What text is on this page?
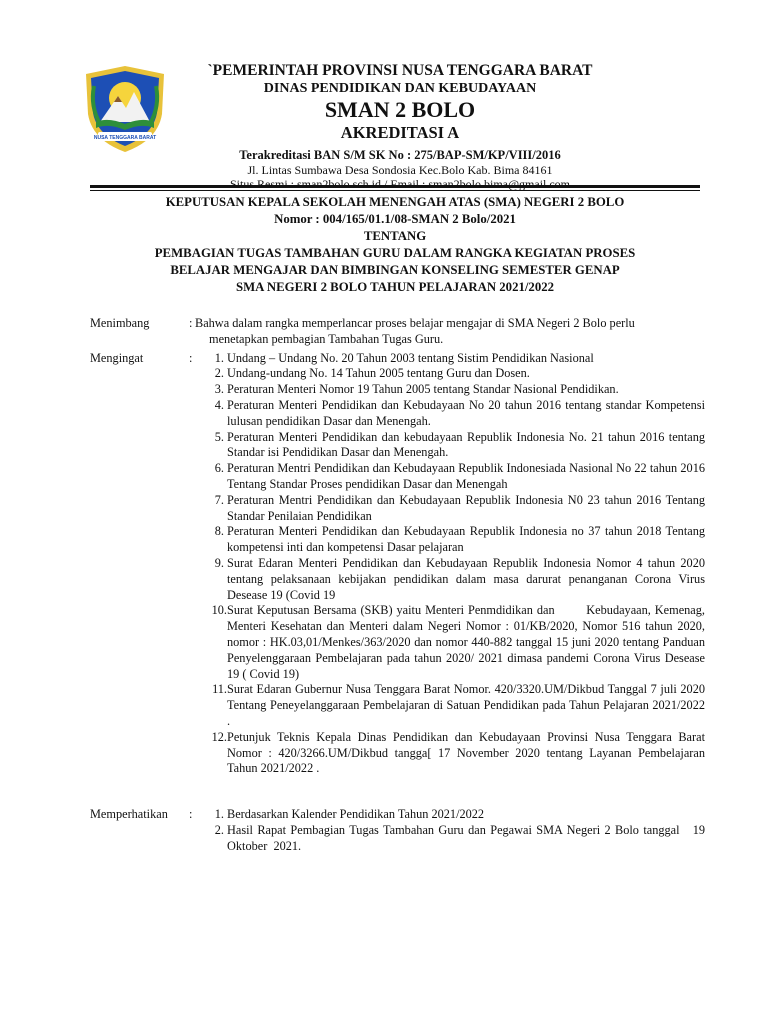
NUSA TENGGARA BARAT
`PEMERINTAH PROVINSI NUSA TENGGARA BARAT
DINAS PENDIDIKAN DAN KEBUDAYAAN
SMAN 2 BOLO
AKREDITASI A
Terakreditasi BAN S/M SK No : 275/BAP-SM/KP/VIII/2016
Jl. Lintas Sumbawa Desa Sondosia Kec.Bolo Kab. Bima 84161
Situs Resmi : sman2bolo.sch.id / Email : sman2bolo.bima@gmail.com
KEPUTUSAN KEPALA SEKOLAH MENENGAH ATAS (SMA) NEGERI 2 BOLO
Nomor : 004/165/01.1/08-SMAN 2 Bolo/2021
TENTANG
PEMBAGIAN TUGAS TAMBAHAN GURU DALAM RANGKA KEGIATAN PROSES
BELAJAR MENGAJAR DAN BIMBINGAN KONSELING SEMESTER GENAP
SMA NEGERI 2 BOLO TAHUN PELAJARAN 2021/2022
Menimbang	: Bahwa dalam rangka memperlancar proses belajar mengajar di SMA Negeri 2 Bolo perlu
menetapkan pembagian Tambahan Tugas Guru.
Mengingat	:	1. Undang – Undang No. 20 Tahun 2003 tentang Sistim Pendidikan Nasional
2. Undang-undang No. 14 Tahun 2005 tentang Guru dan Dosen.
3. Peraturan Menteri Nomor 19 Tahun 2005 tentang Standar Nasional Pendidikan.
4. Peraturan Menteri Pendidikan dan Kebudayaan No 20 tahun 2016 tentang standar Kompetensi lulusan pendidikan Dasar dan Menengah.
5. Peraturan Menteri Pendidikan dan kebudayaan Republik Indonesia No. 21 tahun 2016 tentang Standar isi Pendidikan Dasar dan Menengah.
6. Peraturan Mentri Pendidikan dan Kebudayaan Republik Indonesiada Nasional No 22 tahun 2016 Tentang Standar Proses pendidikan Dasar dan Menengah
7. Peraturan Mentri Pendidikan dan Kebudayaan Republik Indonesia N0 23 tahun 2016 Tentang Standar Penilaian Pendidikan
8. Peraturan Menteri Pendidikan dan Kebudayaan Republik Indonesia no 37 tahun 2018 Tentang kompetensi inti dan kompetensi Dasar pelajaran
9. Surat Edaran Menteri Pendidikan dan Kebudayaan Republik Indonesia Nomor 4 tahun 2020 tentang pelaksanaan kebijakan pendidikan dalam masa darurat penanganan Corona Virus Desease 19 (Covid 19
10. Surat Keputusan Bersama (SKB) yaitu Menteri Penmdidikan dan        Kebudayaan, Kemenag, Menteri Kesehatan dan Menteri dalam Negeri Nomor : 01/KB/2020, Nomor 516 tahun 2020, nomor : HK.03,01/Menkes/363/2020 dan nomor 440-882 tanggal 15 juni 2020 tentang Panduan Penyelenggaraan Pembelajaran pada tahun 2020/ 2021 dimasa pandemi Corona Virus Desease 19 ( Covid 19)
11. Surat Edaran Gubernur Nusa Tenggara Barat Nomor. 420/3320.UM/Dikbud Tanggal 7 juli 2020 Tentang Peneyelanggaraan Pembelajaran di Satuan Pendidikan pada Tahun Pelajaran 2021/2022 .
12. Petunjuk Teknis Kepala Dinas Pendidikan dan Kebudayaan Provinsi Nusa Tenggara Barat Nomor : 420/3266.UM/Dikbud tangga[ 17 November 2020 tentang Layanan Pembelajaran Tahun 2021/2022 .
Memperhatikan :	1. Berdasarkan Kalender Pendidikan Tahun 2021/2022
2. Hasil Rapat Pembagian Tugas Tambahan Guru dan Pegawai SMA Negeri 2 Bolo tanggal   19 Oktober  2021.
